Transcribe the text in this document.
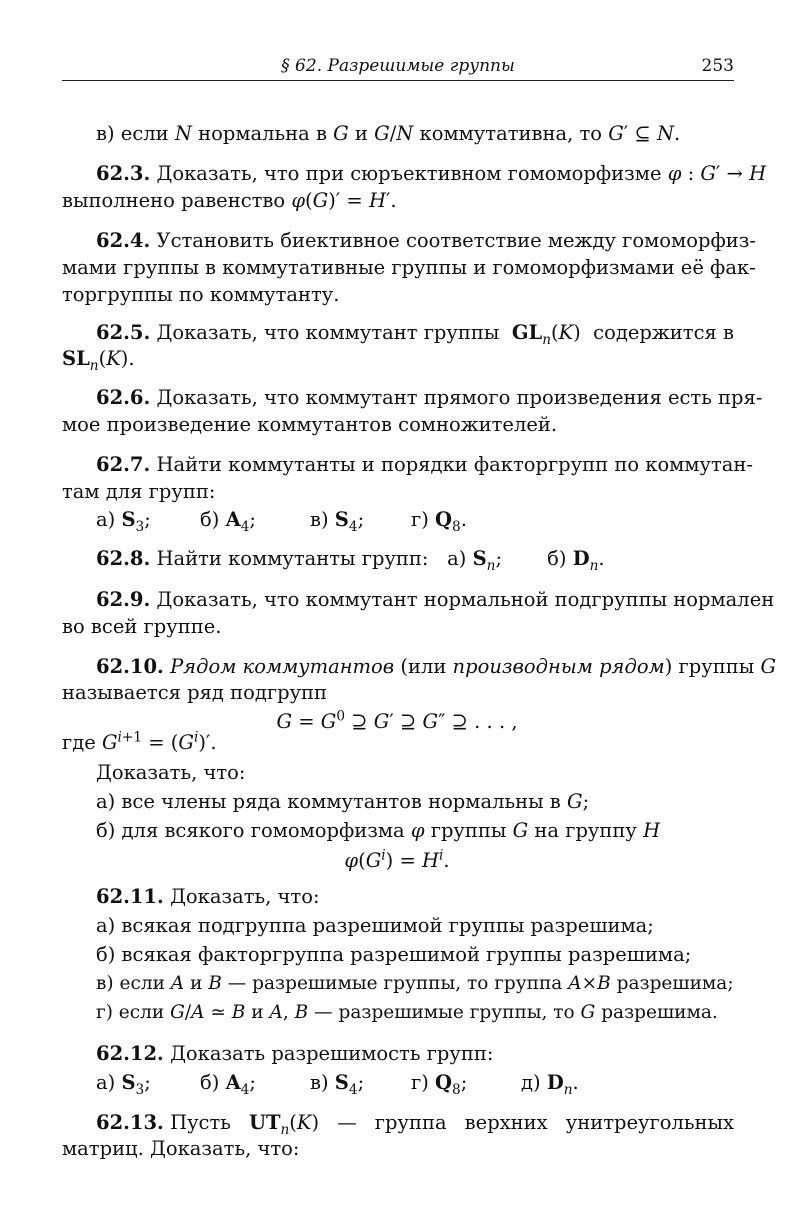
§ 62. Разрешимые группы	253
в) если N нормальна в G и G/N коммутативна, то G′ ⊆ N.
62.3. Доказать, что при сюръективном гомоморфизме φ : G′ → H
выполнено равенство φ(G)′ = H′.
62.4. Установить биективное соответствие между гомоморфиз-
мами группы в коммутативные группы и гомоморфизмами её фак-
торгруппы по коммутанту.
62.5. Доказать, что коммутант группы $GL_n(K)$ содержится в
$SL_n(K)$.
62.6. Доказать, что коммутант прямого произведения есть пря-
мое произведение коммутантов сомножителей.
62.7. Найти коммутанты и порядки факторгрупп по коммутан-
там для групп:
а) $S_3$;	б) $A_4$;	в) $S_4$; г) $Q_8$.
62.8. Найти коммутанты групп: а) $S_n$; б) $D_n$.
62.9. Доказать, что коммутант нормальной подгруппы нормален
во всей группе.
62.10. Рядом коммутантов (или производным рядом) группы G
называется ряд подгрупп
$G = G^0$ ⊇ G′ ⊇ G″ ⊇ . . . ,
где $G^{i+1} = (G^i)'$.
Доказать, что:
а) все члены ряда коммутантов нормальны в G;
б) для всякого гомоморфизма φ группы G на группу H
$\varphi(G^i) = H^i$.
62.11. Доказать, что:
а) всякая подгруппа разрешимой группы разрешима;
б) всякая факторгруппа разрешимой группы разрешима;
в) если A и B — разрешимые группы, то группа A×B разрешима;
г) если G/A ≃ B и A, B — разрешимые группы, то G разрешима.
62.12. Доказать разрешимость групп:
а) $S_3$;	б) $A_4$;	в) $S_4$; г) $Q_8$;	д) $D_n$.
62.13. Пусть $UT_n(K)$ — группа верхних унитреугольных
матриц. Доказать, что:
